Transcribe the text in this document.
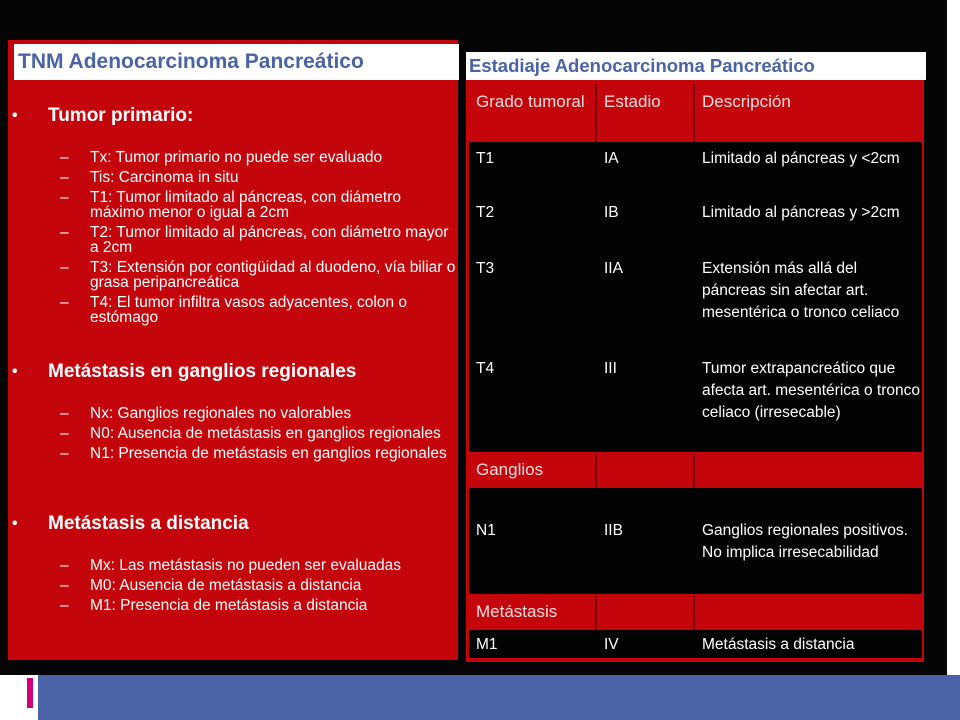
TNM Adenocarcinoma Pancreático
• Tumor primario:
– Tx: Tumor primario no puede ser evaluado
– Tis: Carcinoma in situ
– T1: Tumor limitado al páncreas, con diámetro máximo menor o igual a 2cm
– T2: Tumor limitado al páncreas, con diámetro mayor a 2cm
– T3: Extensión por contigüidad al duodeno, vía biliar o grasa peripancreática
– T4: El tumor infiltra vasos adyacentes, colon o estómago
• Metástasis en ganglios regionales
– Nx: Ganglios regionales no valorables
– N0: Ausencia de metástasis en ganglios regionales
– N1: Presencia de metástasis en ganglios regionales
• Metástasis a distancia
– Mx: Las metástasis no pueden ser evaluadas
– M0: Ausencia de metástasis a distancia
– M1: Presencia de metástasis a distancia
Estadiaje Adenocarcinoma Pancreático
Grado tumoral	Estadio	Descripción
T1	IA	Limitado al páncreas y <2cm
T2	IB	Limitado al páncreas y >2cm
T3	IIA	Extensión más allá del páncreas sin afectar art. mesentérica o tronco celiaco
T4	III	Tumor extrapancreático que afecta art. mesentérica o tronco celiaco (irresecable)
Ganglios
N1	IIB	Ganglios regionales positivos. No implica irresecabilidad
Metástasis
M1	IV	Metástasis a distancia
